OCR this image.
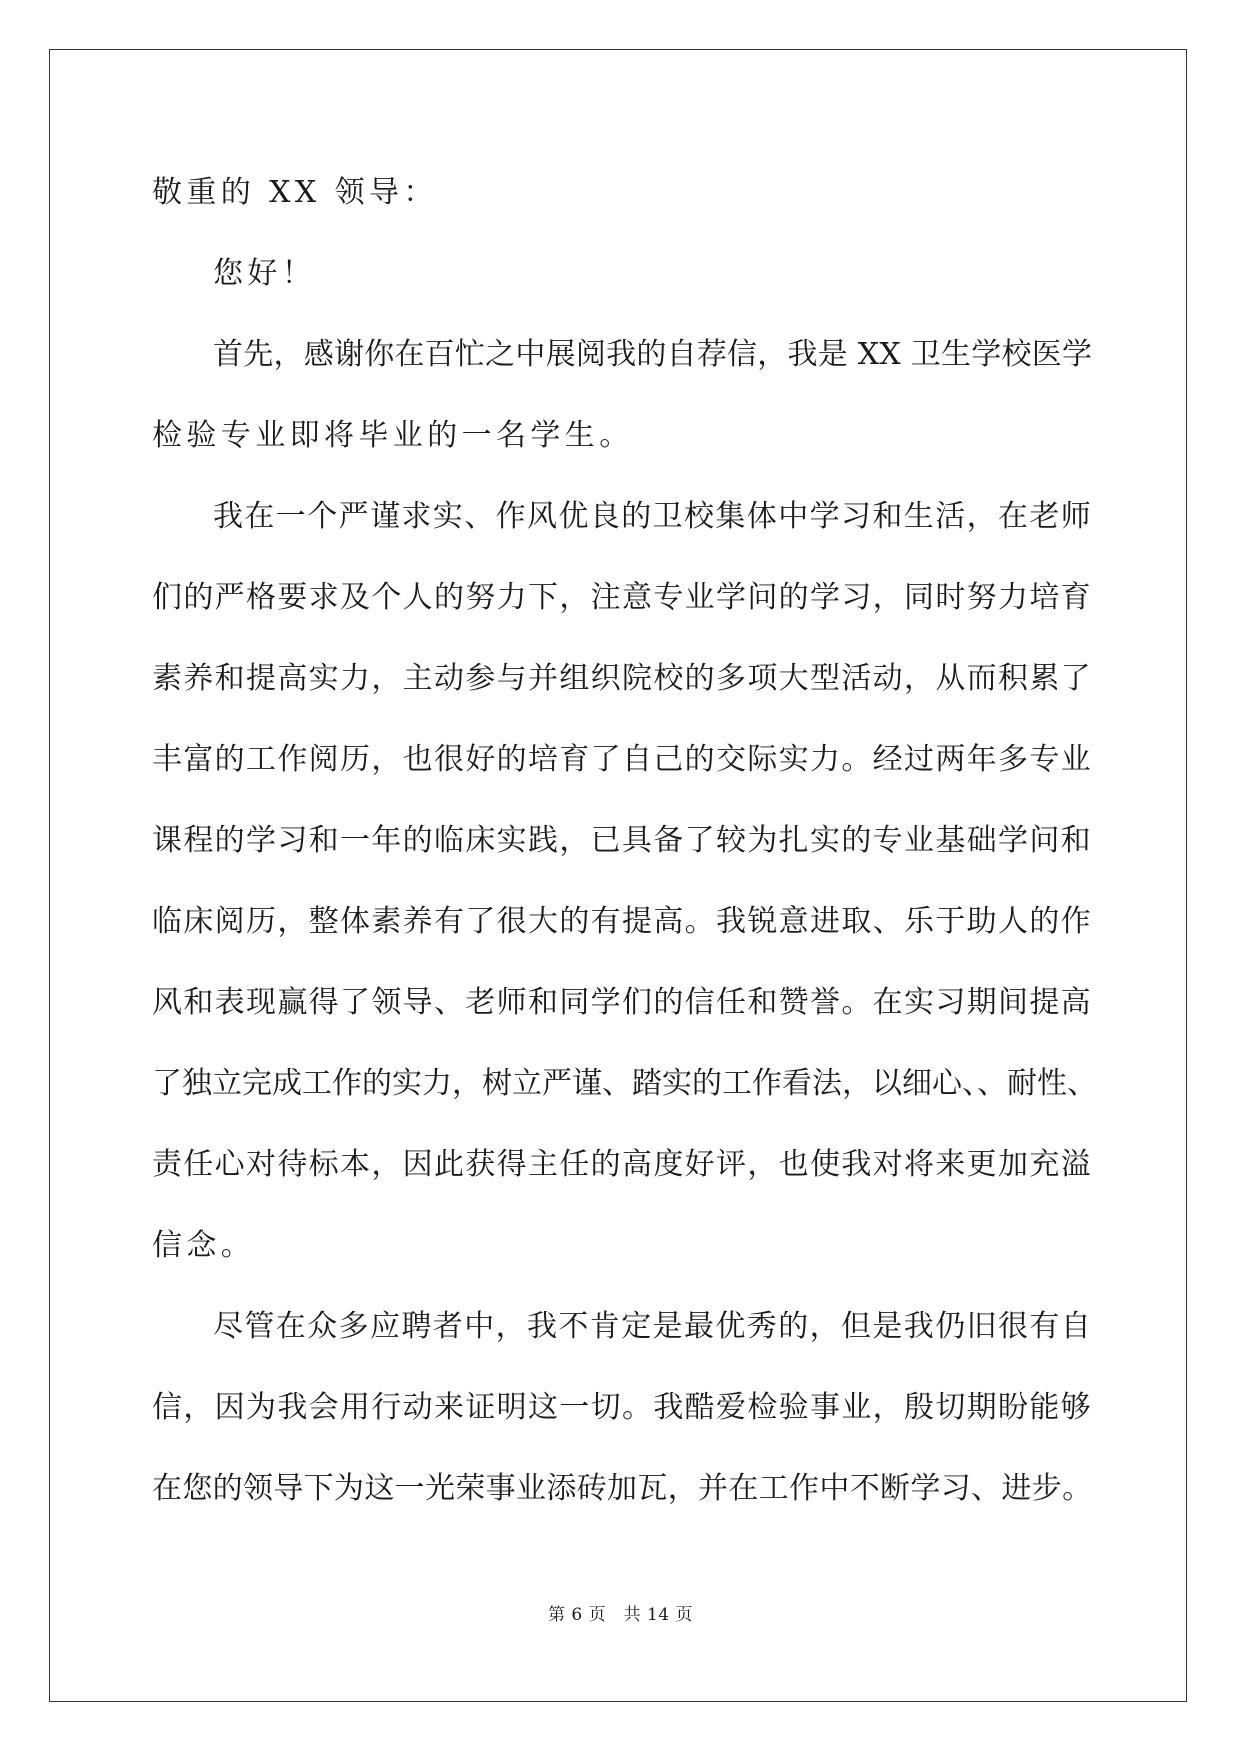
敬重的 XX 领导：
您好！
首先，感谢你在百忙之中展阅我的自荐信，我是 XX 卫生学校医学
检验专业即将毕业的一名学生。
我在一个严谨求实、作风优良的卫校集体中学习和生活，在老师
们的严格要求及个人的努力下，注意专业学问的学习，同时努力培育
素养和提高实力，主动参与并组织院校的多项大型活动，从而积累了
丰富的工作阅历，也很好的培育了自己的交际实力。经过两年多专业
课程的学习和一年的临床实践，已具备了较为扎实的专业基础学问和
临床阅历，整体素养有了很大的有提高。我锐意进取、乐于助人的作
风和表现赢得了领导、老师和同学们的信任和赞誉。在实习期间提高
了独立完成工作的实力，树立严谨、踏实的工作看法，以细心、、耐性、
责任心对待标本，因此获得主任的高度好评，也使我对将来更加充溢
信念。
尽管在众多应聘者中，我不肯定是最优秀的，但是我仍旧很有自
信，因为我会用行动来证明这一切。我酷爱检验事业，殷切期盼能够
在您的领导下为这一光荣事业添砖加瓦，并在工作中不断学习、进步。
第 6 页　共 14 页
